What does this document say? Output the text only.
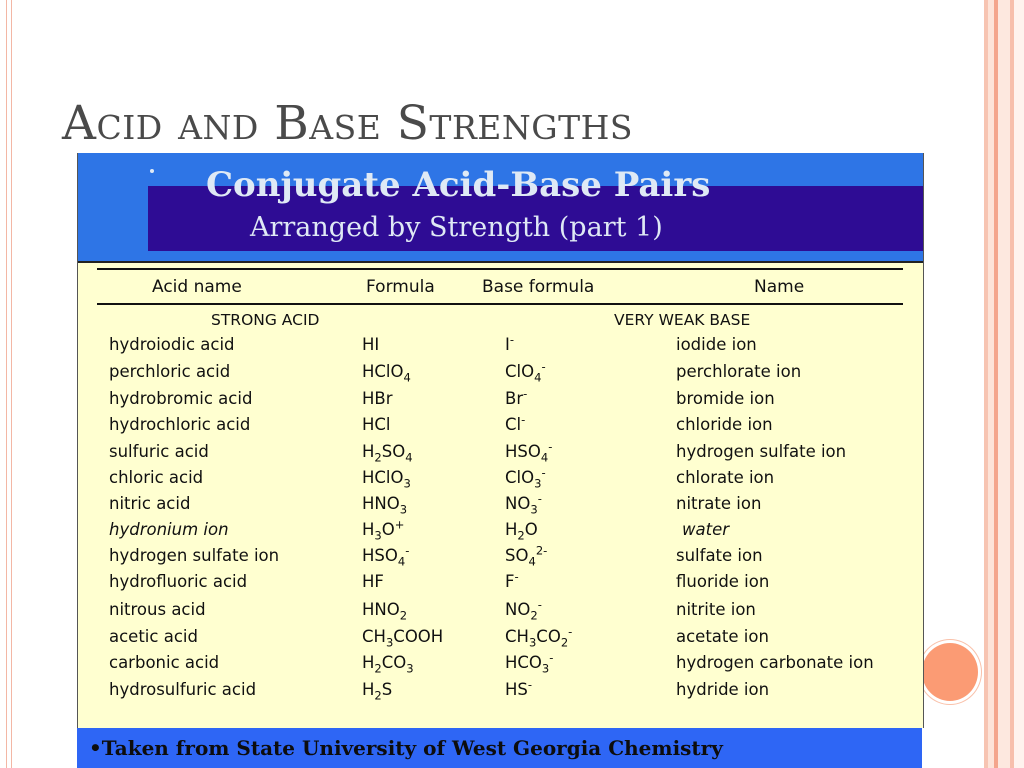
Acid and Base Strengths
Conjugate Acid-Base Pairs
Arranged by Strength (part 1)
Acid name	Formula	Base formula	Name
STRONG ACID	VERY WEAK BASE
hydroiodic acid	HI	I-	iodide ion
perchloric acid	HClO$_4$	ClO$_4$-	perchlorate ion
hydrobromic acid	HBr	Br-	bromide ion
hydrochloric acid	HCl	Cl-	chloride ion
sulfuric acid	$H_2SO_4$	$HSO_4^-$	hydrogen sulfate ion
chloric acid	HClO$_3$	ClO$_3$-	chlorate ion
nitric acid	$HNO_3$	$NO_3^-$	nitrate ion
hydronium ion	$H_3O^+$	$H_2O$	water
hydrogen sulfate ion	$HSO_4^-$	$SO_4^{2-}$	sulfate ion
hydrofluoric acid	HF	F-	fluoride ion
nitrous acid	$HNO_2$	$NO_2^-$	nitrite ion
acetic acid	$CH_3COOH$	$CH_3CO_2^-$	acetate ion
carbonic acid	$H_2CO_3$	$HCO_3^-$	hydrogen carbonate ion
hydrosulfuric acid	$H_2S$	HS-	hydride ion

•Taken from State University of West Georgia Chemistry
